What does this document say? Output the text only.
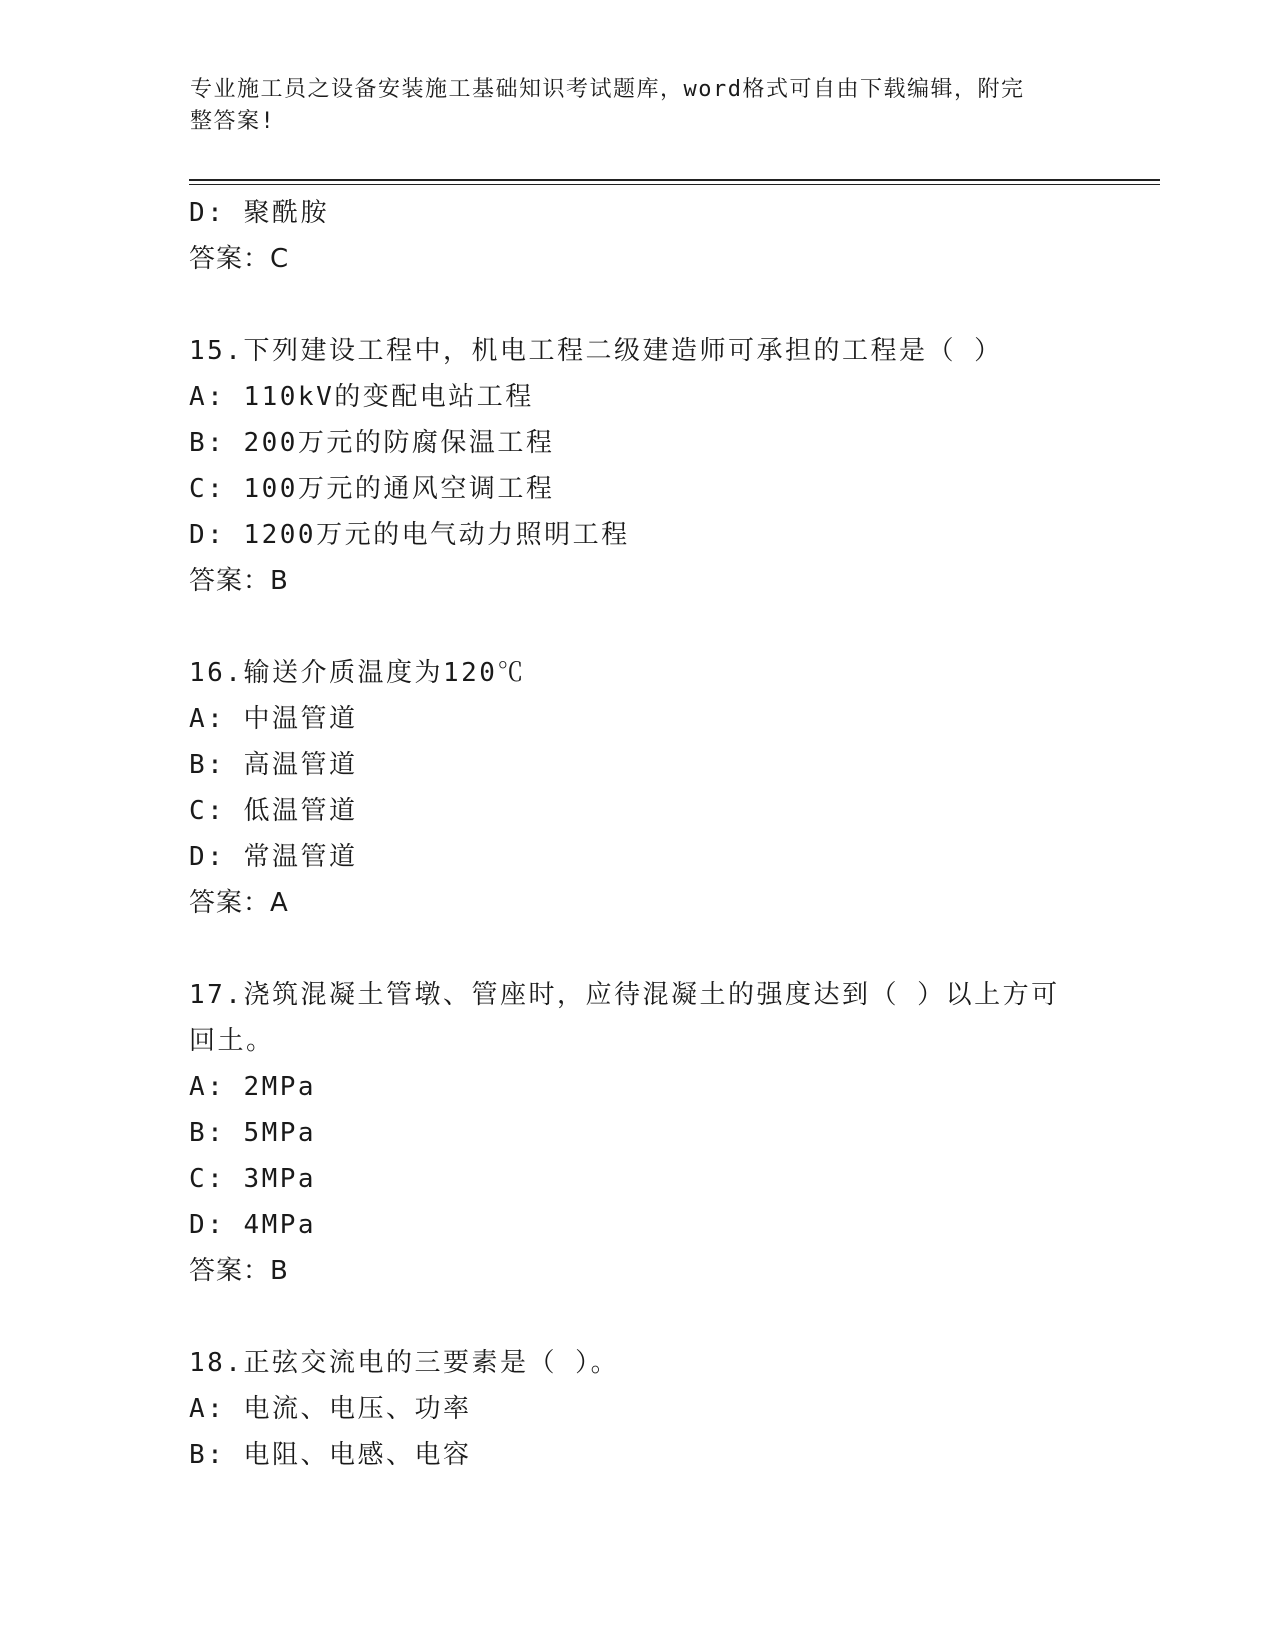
专业施工员之设备安装施工基础知识考试题库，word格式可自由下载编辑，附完
整答案!
D: 聚酰胺
答案：C
15.下列建设工程中，机电工程二级建造师可承担的工程是（ ）
A: 110kV的变配电站工程
B: 200万元的防腐保温工程
C: 100万元的通风空调工程
D: 1200万元的电气动力照明工程
答案：B
16.输送介质温度为120℃
A: 中温管道
B: 高温管道
C: 低温管道
D: 常温管道
答案：A
17.浇筑混凝土管墩、管座时，应待混凝土的强度达到（ ）以上方可
回土。
A: 2MPa
B: 5MPa
C: 3MPa
D: 4MPa
答案：B
18.正弦交流电的三要素是（ ）。
A: 电流、电压、功率
B: 电阻、电感、电容
